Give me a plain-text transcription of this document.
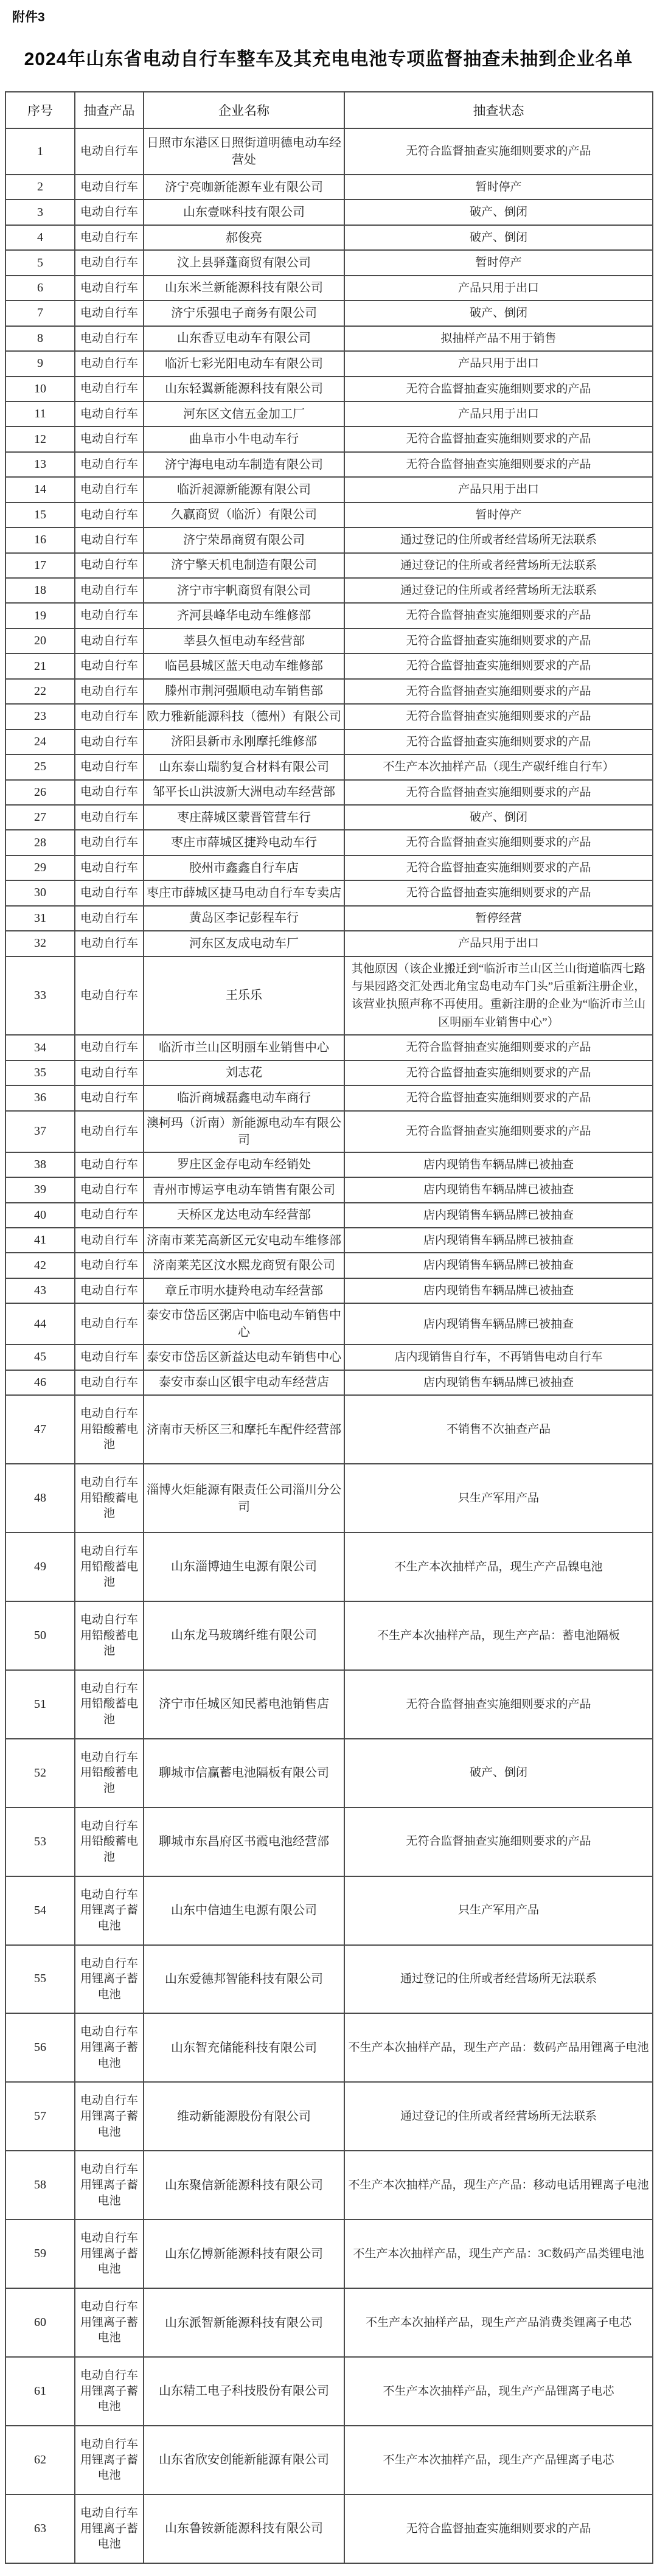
附件3
2024年山东省电动自行车整车及其充电电池专项监督抽查未抽到企业名单
序号	抽查产品	企业名称	抽查状态
1	电动自行车	日照市东港区日照街道明德电动车经营处	无符合监督抽查实施细则要求的产品
2	电动自行车	济宁亮咖新能源车业有限公司	暂时停产
3	电动自行车	山东壹咪科技有限公司	破产、倒闭
4	电动自行车	郝俊亮	破产、倒闭
5	电动自行车	汶上县驿蓬商贸有限公司	暂时停产
6	电动自行车	山东米兰新能源科技有限公司	产品只用于出口
7	电动自行车	济宁乐强电子商务有限公司	破产、倒闭
8	电动自行车	山东香豆电动车有限公司	拟抽样产品不用于销售
9	电动自行车	临沂七彩光阳电动车有限公司	产品只用于出口
10	电动自行车	山东轻翼新能源科技有限公司	无符合监督抽查实施细则要求的产品
11	电动自行车	河东区文信五金加工厂	产品只用于出口
12	电动自行车	曲阜市小牛电动车行	无符合监督抽查实施细则要求的产品
13	电动自行车	济宁海电电动车制造有限公司	无符合监督抽查实施细则要求的产品
14	电动自行车	临沂昶源新能源有限公司	产品只用于出口
15	电动自行车	久赢商贸（临沂）有限公司	暂时停产
16	电动自行车	济宁荣昂商贸有限公司	通过登记的住所或者经营场所无法联系
17	电动自行车	济宁擎天机电制造有限公司	通过登记的住所或者经营场所无法联系
18	电动自行车	济宁市宇帆商贸有限公司	通过登记的住所或者经营场所无法联系
19	电动自行车	齐河县峰华电动车维修部	无符合监督抽查实施细则要求的产品
20	电动自行车	莘县久恒电动车经营部	无符合监督抽查实施细则要求的产品
21	电动自行车	临邑县城区蓝天电动车维修部	无符合监督抽查实施细则要求的产品
22	电动自行车	滕州市荆河强顺电动车销售部	无符合监督抽查实施细则要求的产品
23	电动自行车	欧力雅新能源科技（德州）有限公司	无符合监督抽查实施细则要求的产品
24	电动自行车	济阳县新市永刚摩托维修部	无符合监督抽查实施细则要求的产品
25	电动自行车	山东泰山瑞豹复合材料有限公司	不生产本次抽样产品（现生产碳纤维自行车）
26	电动自行车	邹平长山洪波新大洲电动车经营部	无符合监督抽查实施细则要求的产品
27	电动自行车	枣庄薛城区蒙晋管营车行	破产、倒闭
28	电动自行车	枣庄市薛城区捷羚电动车行	无符合监督抽查实施细则要求的产品
29	电动自行车	胶州市鑫鑫自行车店	无符合监督抽查实施细则要求的产品
30	电动自行车	枣庄市薛城区捷马电动自行车专卖店	无符合监督抽查实施细则要求的产品
31	电动自行车	黄岛区李记彭程车行	暂停经营
32	电动自行车	河东区友成电动车厂	产品只用于出口
33	电动自行车	王乐乐	其他原因（该企业搬迁到“临沂市兰山区兰山街道临西七路与果园路交汇处西北角宝岛电动车门头”后重新注册企业，该营业执照声称不再使用。重新注册的企业为“临沂市兰山区明丽车业销售中心”）
34	电动自行车	临沂市兰山区明丽车业销售中心	无符合监督抽查实施细则要求的产品
35	电动自行车	刘志花	无符合监督抽查实施细则要求的产品
36	电动自行车	临沂商城磊鑫电动车商行	无符合监督抽查实施细则要求的产品
37	电动自行车	澳柯玛（沂南）新能源电动车有限公司	无符合监督抽查实施细则要求的产品
38	电动自行车	罗庄区金存电动车经销处	店内现销售车辆品牌已被抽查
39	电动自行车	青州市博运亨电动车销售有限公司	店内现销售车辆品牌已被抽查
40	电动自行车	天桥区龙达电动车经营部	店内现销售车辆品牌已被抽查
41	电动自行车	济南市莱芜高新区元安电动车维修部	店内现销售车辆品牌已被抽查
42	电动自行车	济南莱芜区汶水熙龙商贸有限公司	店内现销售车辆品牌已被抽查
43	电动自行车	章丘市明水捷羚电动车经营部	店内现销售车辆品牌已被抽查
44	电动自行车	泰安市岱岳区粥店中临电动车销售中心	店内现销售车辆品牌已被抽查
45	电动自行车	泰安市岱岳区新益达电动车销售中心	店内现销售自行车，不再销售电动自行车
46	电动自行车	泰安市泰山区银宇电动车经营店	店内现销售车辆品牌已被抽查
47	电动自行车用铅酸蓄电池	济南市天桥区三和摩托车配件经营部	不销售不次抽查产品
48	电动自行车用铅酸蓄电池	淄博火炬能源有限责任公司淄川分公司	只生产军用产品
49	电动自行车用铅酸蓄电池	山东淄博迪生电源有限公司	不生产本次抽样产品，现生产产品镍电池
50	电动自行车用铅酸蓄电池	山东龙马玻璃纤维有限公司	不生产本次抽样产品，现生产产品：蓄电池隔板
51	电动自行车用铅酸蓄电池	济宁市任城区知民蓄电池销售店	无符合监督抽查实施细则要求的产品
52	电动自行车用铅酸蓄电池	聊城市信赢蓄电池隔板有限公司	破产、倒闭
53	电动自行车用铅酸蓄电池	聊城市东昌府区书霞电池经营部	无符合监督抽查实施细则要求的产品
54	电动自行车用锂离子蓄电池	山东中信迪生电源有限公司	只生产军用产品
55	电动自行车用锂离子蓄电池	山东爱德邦智能科技有限公司	通过登记的住所或者经营场所无法联系
56	电动自行车用锂离子蓄电池	山东智充储能科技有限公司	不生产本次抽样产品，现生产产品：数码产品用锂离子电池
57	电动自行车用锂离子蓄电池	维动新能源股份有限公司	通过登记的住所或者经营场所无法联系
58	电动自行车用锂离子蓄电池	山东聚信新能源科技有限公司	不生产本次抽样产品，现生产产品：移动电话用锂离子电池
59	电动自行车用锂离子蓄电池	山东亿博新能源科技有限公司	不生产本次抽样产品，现生产产品：3C数码产品类锂电池
60	电动自行车用锂离子蓄电池	山东派智新能源科技有限公司	不生产本次抽样产品，现生产产品消费类锂离子电芯
61	电动自行车用锂离子蓄电池	山东精工电子科技股份有限公司	不生产本次抽样产品，现生产产品锂离子电芯
62	电动自行车用锂离子蓄电池	山东省欣安创能新能源有限公司	不生产本次抽样产品，现生产产品锂离子电芯
63	电动自行车用锂离子蓄电池	山东鲁铵新能源科技有限公司	无符合监督抽查实施细则要求的产品
